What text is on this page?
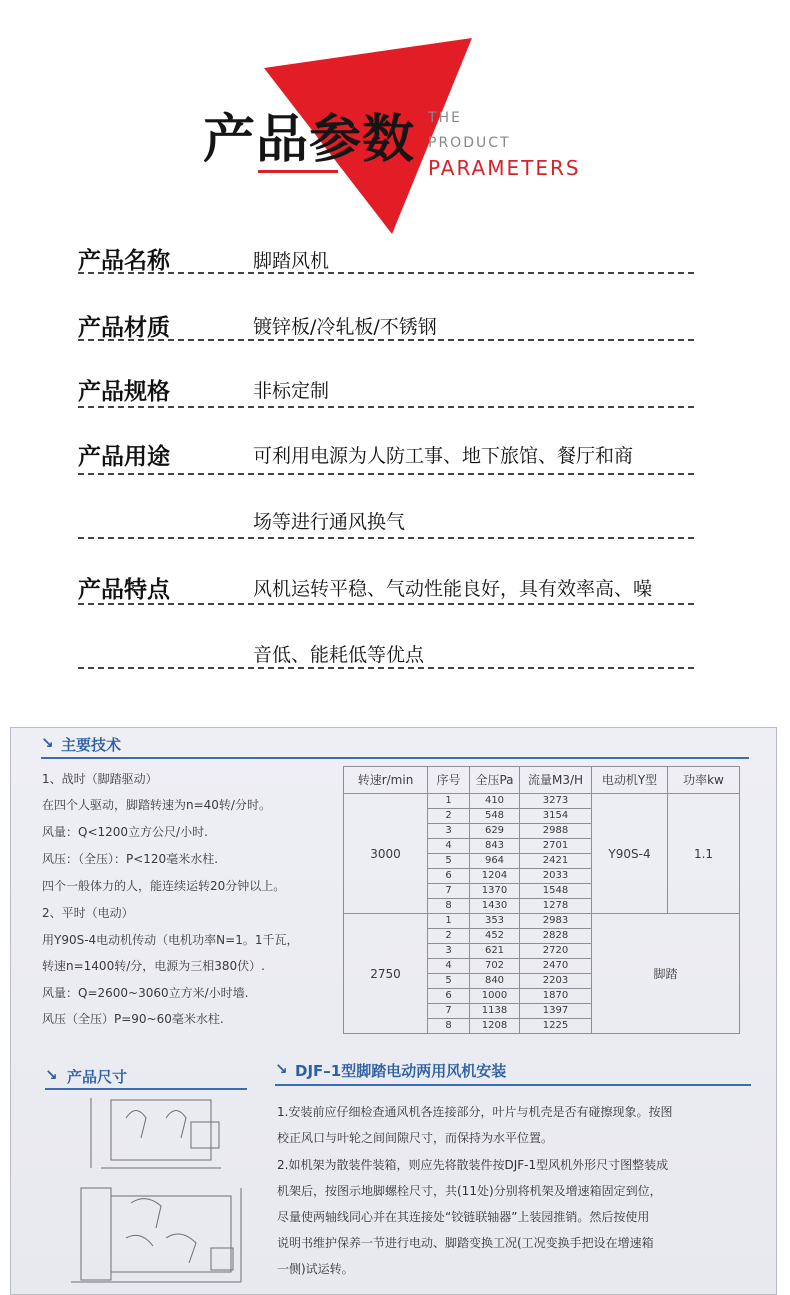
产品参数 THE
PRODUCT
PARAMETERS
产品名称	脚踏风机
产品材质	镀锌板/冷轧板/不锈钢
产品规格	非标定制
产品用途	可利用电源为人防工事、地下旅馆、餐厅和商
场等进行通风换气
产品特点	风机运转平稳、气动性能良好，具有效率高、噪
音低、能耗低等优点
↘ 主要技术
1、战时（脚踏驱动）
在四个人驱动，脚踏转速为n=40转/分时。
风量：Q<1200立方公尺/小时.
风压：（全压）：P<120毫米水柱.
四个一般体力的人，能连续运转20分钟以上。
2、平时（电动）
用Y90S-4电动机传动（电机功率N=1。1千瓦，
转速n=1400转/分，电源为三相380伏）.
风量：Q=2600~3060立方米/小时墙.
风压（全压）P=90~60毫米水柱.
转速r/min	序号	全压Pa	流量M3/H	电动机Y型	功率kw
3000	1	410	3273	Y90S-4	1.1
	2	548	3154		
	3	629	2988		
	4	843	2701		
	5	964	2421		
	6	1204	2033		
	7	1370	1548		
	8	1430	1278		
2750	1	353	2983	脚踏	
	2	452	2828		
	3	621	2720		
	4	702	2470		
	5	840	2203		
	6	1000	1870		
	7	1138	1397		
	8	1208	1225		
↘ 产品尺寸	↘ DJF–1型脚踏电动两用风机安装
1.安装前应仔细检查通风机各连接部分，叶片与机壳是否有碰擦现象。按图
校正风口与叶轮之间间隙尺寸，而保持为水平位置。
2.如机架为散装件装箱，则应先将散装件按DJF-1型风机外形尺寸图整装成
机架后，按图示地脚螺栓尺寸，共(11处)分别将机架及增速箱固定到位，
尽量使两轴线同心并在其连接处“铰链联轴器”上装园推销。然后按使用
说明书维护保养一节进行电动、脚踏变换工况(工况变换手把设在增速箱
一侧)试运转。
